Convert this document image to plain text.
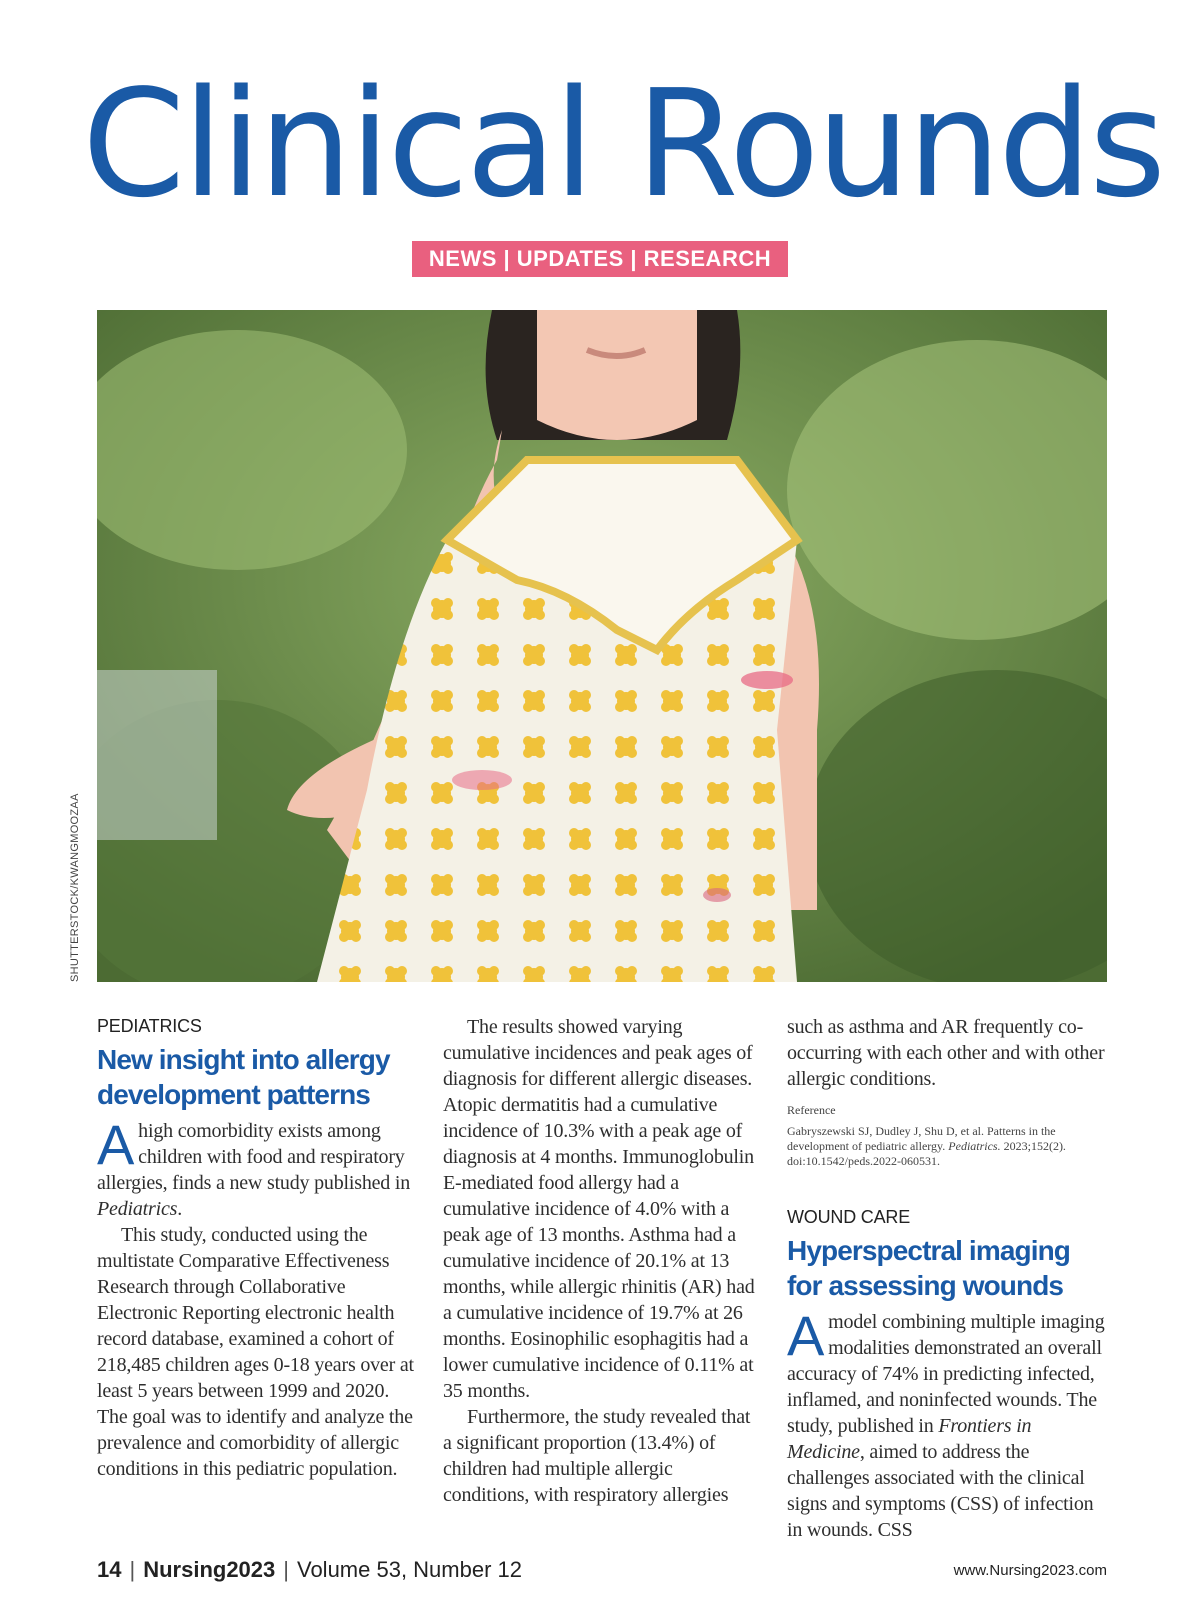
Clinical Rounds
NEWS | UPDATES | RESEARCH
SHUTTERSTOCK/KWANGMOOZAA
PEDIATRICS
New insight into allergy development patterns

A high comorbidity exists among children with food and respiratory allergies, finds a new study published in Pediatrics.

This study, conducted using the multistate Comparative Effectiveness Research through Collaborative Electronic Reporting electronic health record database, examined a cohort of 218,485 children ages 0-18 years over at least 5 years between 1999 and 2020. The goal was to identify and analyze the prevalence and comorbidity of allergic conditions in this pediatric population.

The results showed varying cumulative incidences and peak ages of diagnosis for different allergic diseases. Atopic dermatitis had a cumulative incidence of 10.3% with a peak age of diagnosis at 4 months. Immunoglobulin E-mediated food allergy had a cumulative incidence of 4.0% with a peak age of 13 months. Asthma had a cumulative incidence of 20.1% at 13 months, while allergic rhinitis (AR) had a cumulative incidence of 19.7% at 26 months. Eosinophilic esophagitis had a lower cumulative incidence of 0.11% at 35 months.

Furthermore, the study revealed that a significant proportion (13.4%) of children had multiple allergic conditions, with respiratory allergies

such as asthma and AR frequently co-occurring with each other and with other allergic conditions.

Reference
Gabryszewski SJ, Dudley J, Shu D, et al. Patterns in the development of pediatric allergy. Pediatrics. 2023;152(2). doi:10.1542/peds.2022-060531.
WOUND CARE
Hyperspectral imaging for assessing wounds

A model combining multiple imaging modalities demonstrated an overall accuracy of 74% in predicting infected, inflamed, and noninfected wounds. The study, published in Frontiers in Medicine, aimed to address the challenges associated with the clinical signs and symptoms (CSS) of infection in wounds. CSS

14 | Nursing2023 | Volume 53, Number 12	www.Nursing2023.com
